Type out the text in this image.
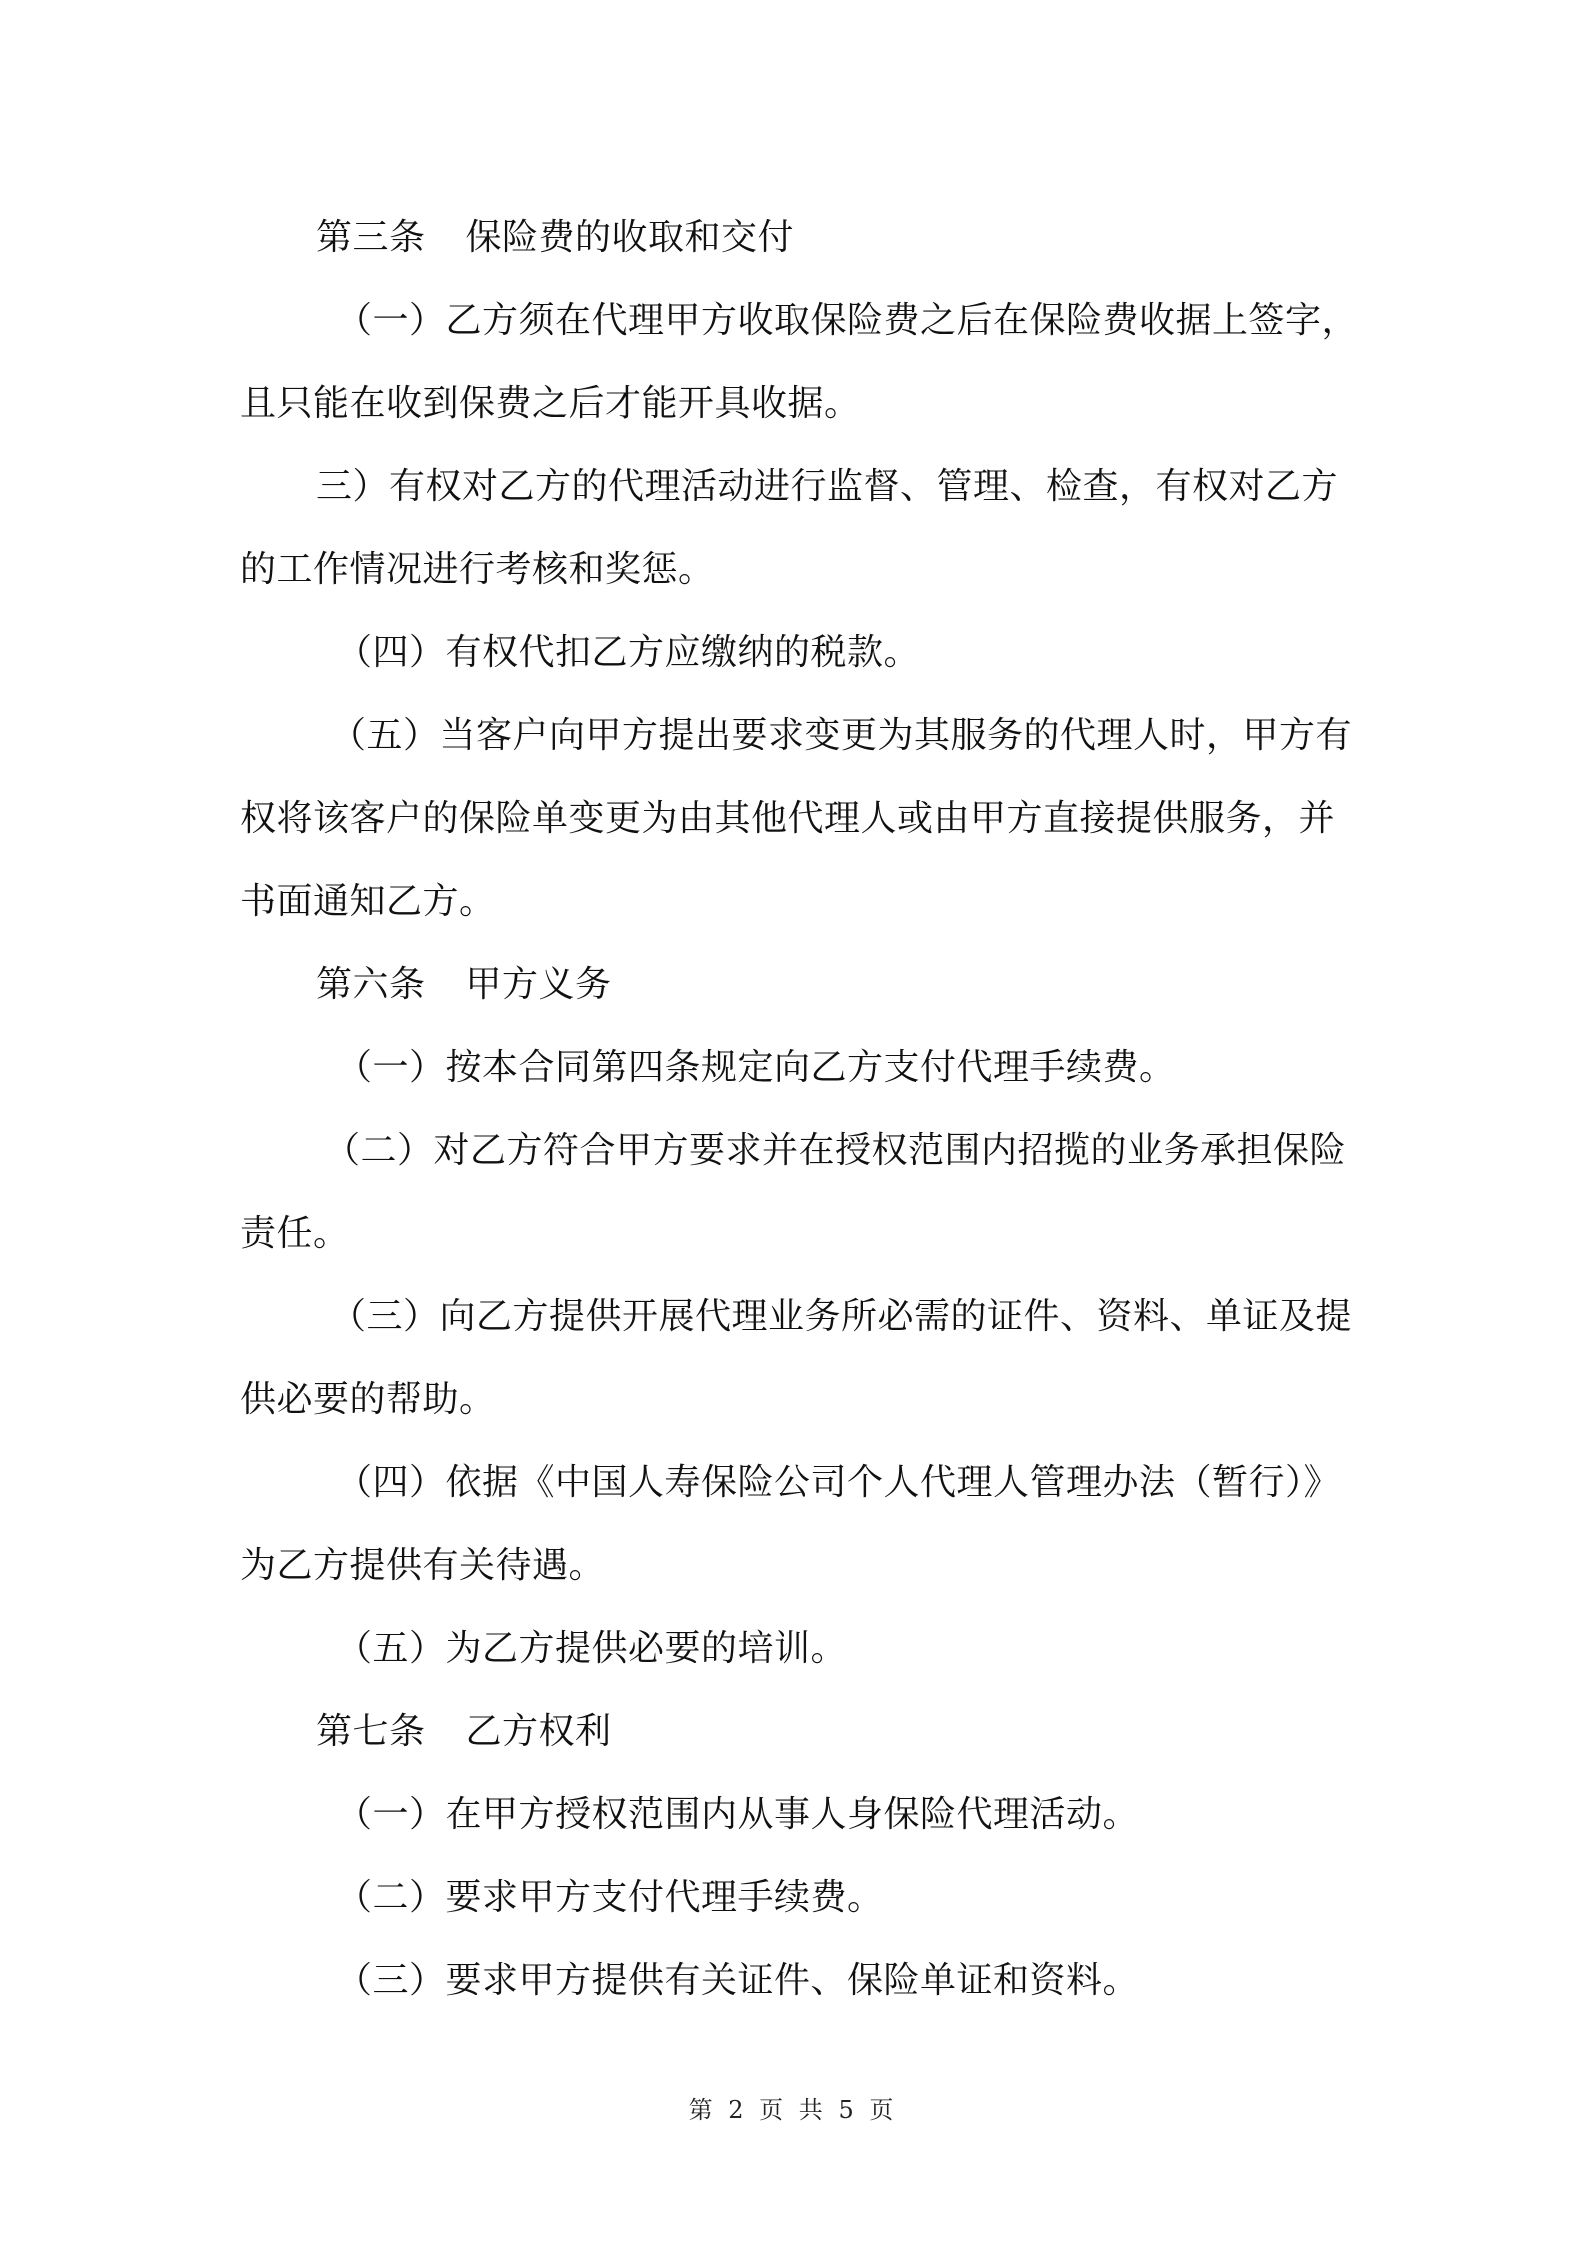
第三条 保险费的收取和交付
（一）乙方须在代理甲方收取保险费之后在保险费收据上签字，
且只能在收到保费之后才能开具收据。
三）有权对乙方的代理活动进行监督、管理、检查，有权对乙方
的工作情况进行考核和奖惩。
（四）有权代扣乙方应缴纳的税款。
（五）当客户向甲方提出要求变更为其服务的代理人时，甲方有
权将该客户的保险单变更为由其他代理人或由甲方直接提供服务，并
书面通知乙方。
第六条 甲方义务
（一）按本合同第四条规定向乙方支付代理手续费。
（二）对乙方符合甲方要求并在授权范围内招揽的业务承担保险
责任。
（三）向乙方提供开展代理业务所必需的证件、资料、单证及提
供必要的帮助。
（四）依据《中国人寿保险公司个人代理人管理办法（暂行）》
为乙方提供有关待遇。
（五）为乙方提供必要的培训。
第七条 乙方权利
（一）在甲方授权范围内从事人身保险代理活动。
（二）要求甲方支付代理手续费。
（三）要求甲方提供有关证件、保险单证和资料。
第 2 页 共 5 页
